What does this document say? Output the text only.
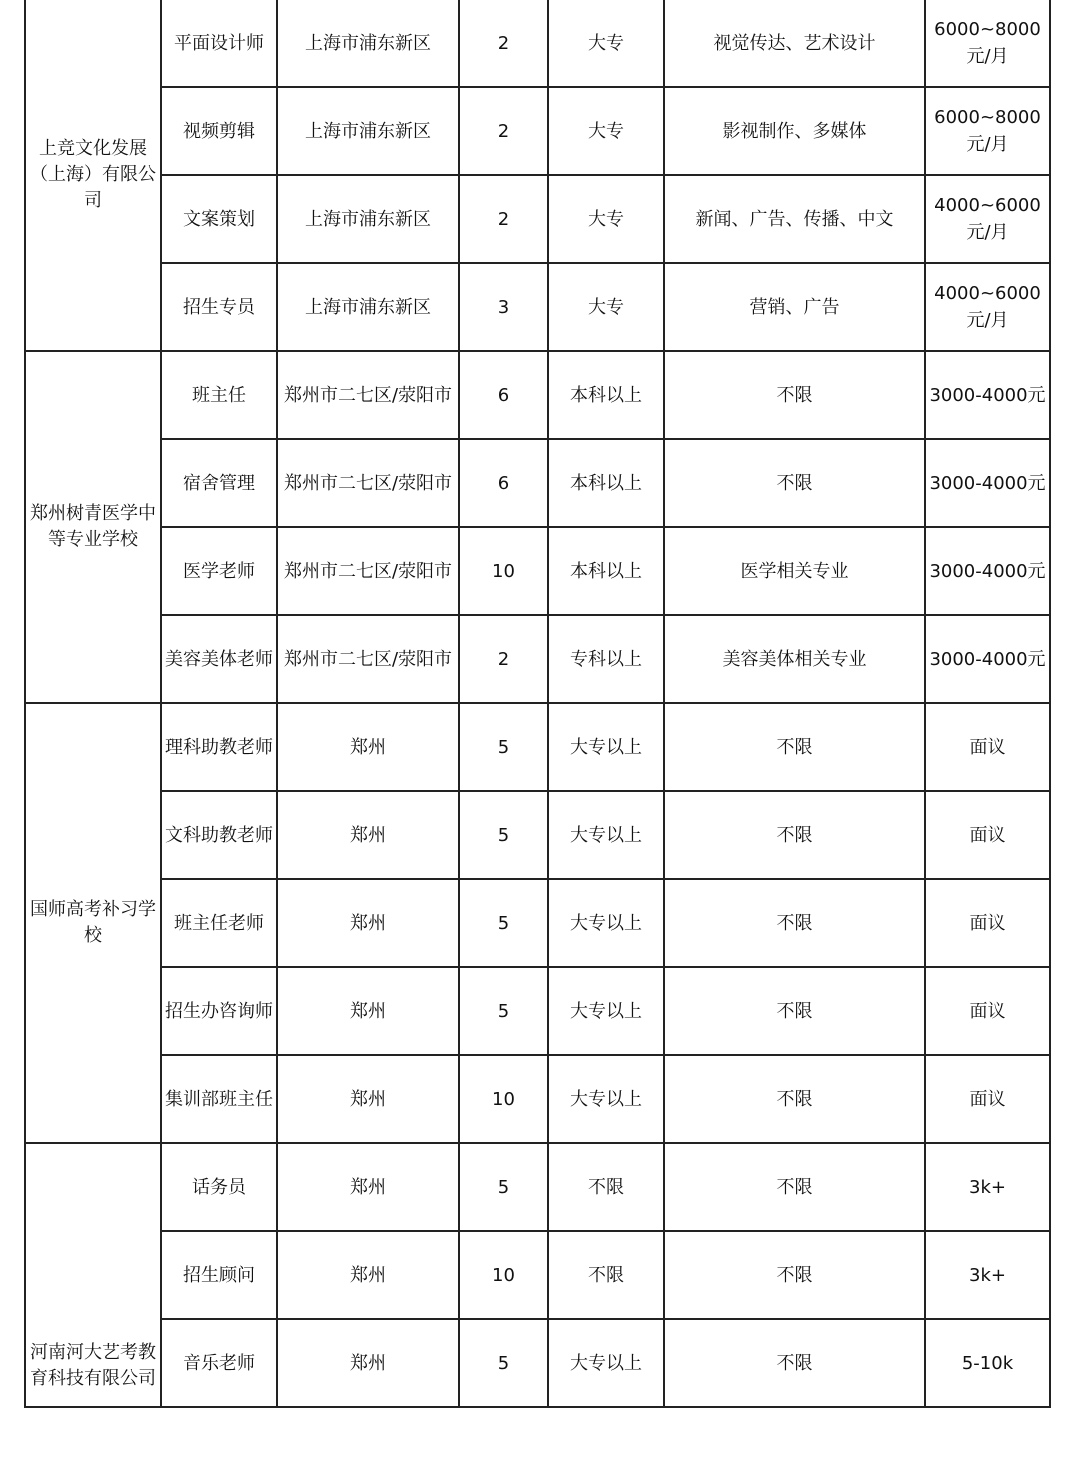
上竞文化发展（上海）有限公司	平面设计师	上海市浦东新区	2	大专	视觉传达、艺术设计	6000~8000元/月
	视频剪辑	上海市浦东新区	2	大专	影视制作、多媒体	6000~8000元/月
	文案策划	上海市浦东新区	2	大专	新闻、广告、传播、中文	4000~6000元/月
	招生专员	上海市浦东新区	3	大专	营销、广告	4000~6000元/月

郑州树青医学中等专业学校	班主任	郑州市二七区/荥阳市	6	本科以上	不限	3000-4000元
	宿舍管理	郑州市二七区/荥阳市	6	本科以上	不限	3000-4000元
	医学老师	郑州市二七区/荥阳市	10	本科以上	医学相关专业	3000-4000元
	美容美体老师	郑州市二七区/荥阳市	2	专科以上	美容美体相关专业	3000-4000元

国师高考补习学校	理科助教老师	郑州	5	大专以上	不限	面议
	文科助教老师	郑州	5	大专以上	不限	面议
	班主任老师	郑州	5	大专以上	不限	面议
	招生办咨询师	郑州	5	大专以上	不限	面议
	集训部班主任	郑州	10	大专以上	不限	面议

河南河大艺考教育科技有限公司	话务员	郑州	5	不限	不限	3k+
	招生顾问	郑州	10	不限	不限	3k+
	音乐老师	郑州	5	大专以上	不限	5-10k
